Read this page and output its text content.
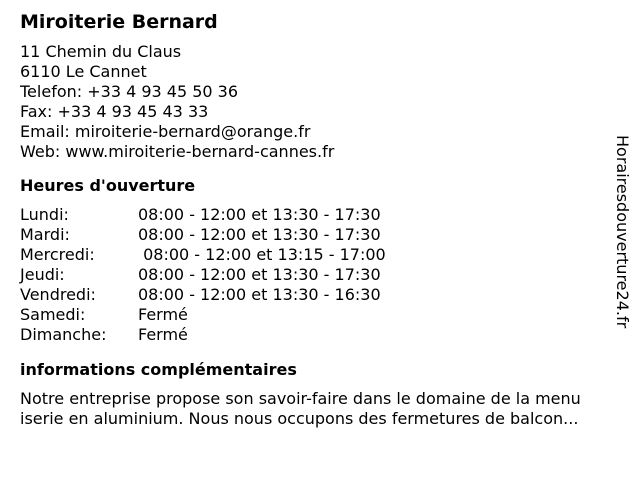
Miroiterie Bernard
11 Chemin du Claus
6110 Le Cannet
Telefon: +33 4 93 45 50 36
Fax: +33 4 93 45 43 33
Email: miroiterie-bernard@orange.fr
Web: www.miroiterie-bernard-cannes.fr
Heures d'ouverture
Lundi:	08:00 - 12:00 et 13:30 - 17:30
Mardi:	08:00 - 12:00 et 13:30 - 17:30
Mercredi:	08:00 - 12:00 et 13:15 - 17:00
Jeudi:	08:00 - 12:00 et 13:30 - 17:30
Vendredi:	08:00 - 12:00 et 13:30 - 16:30
Samedi:	Fermé
Dimanche:	Fermé
informations complémentaires
Notre entreprise propose son savoir-faire dans le domaine de la menu
iserie en aluminium. Nous nous occupons des fermetures de balcon...
Horairesdouverture24.fr
